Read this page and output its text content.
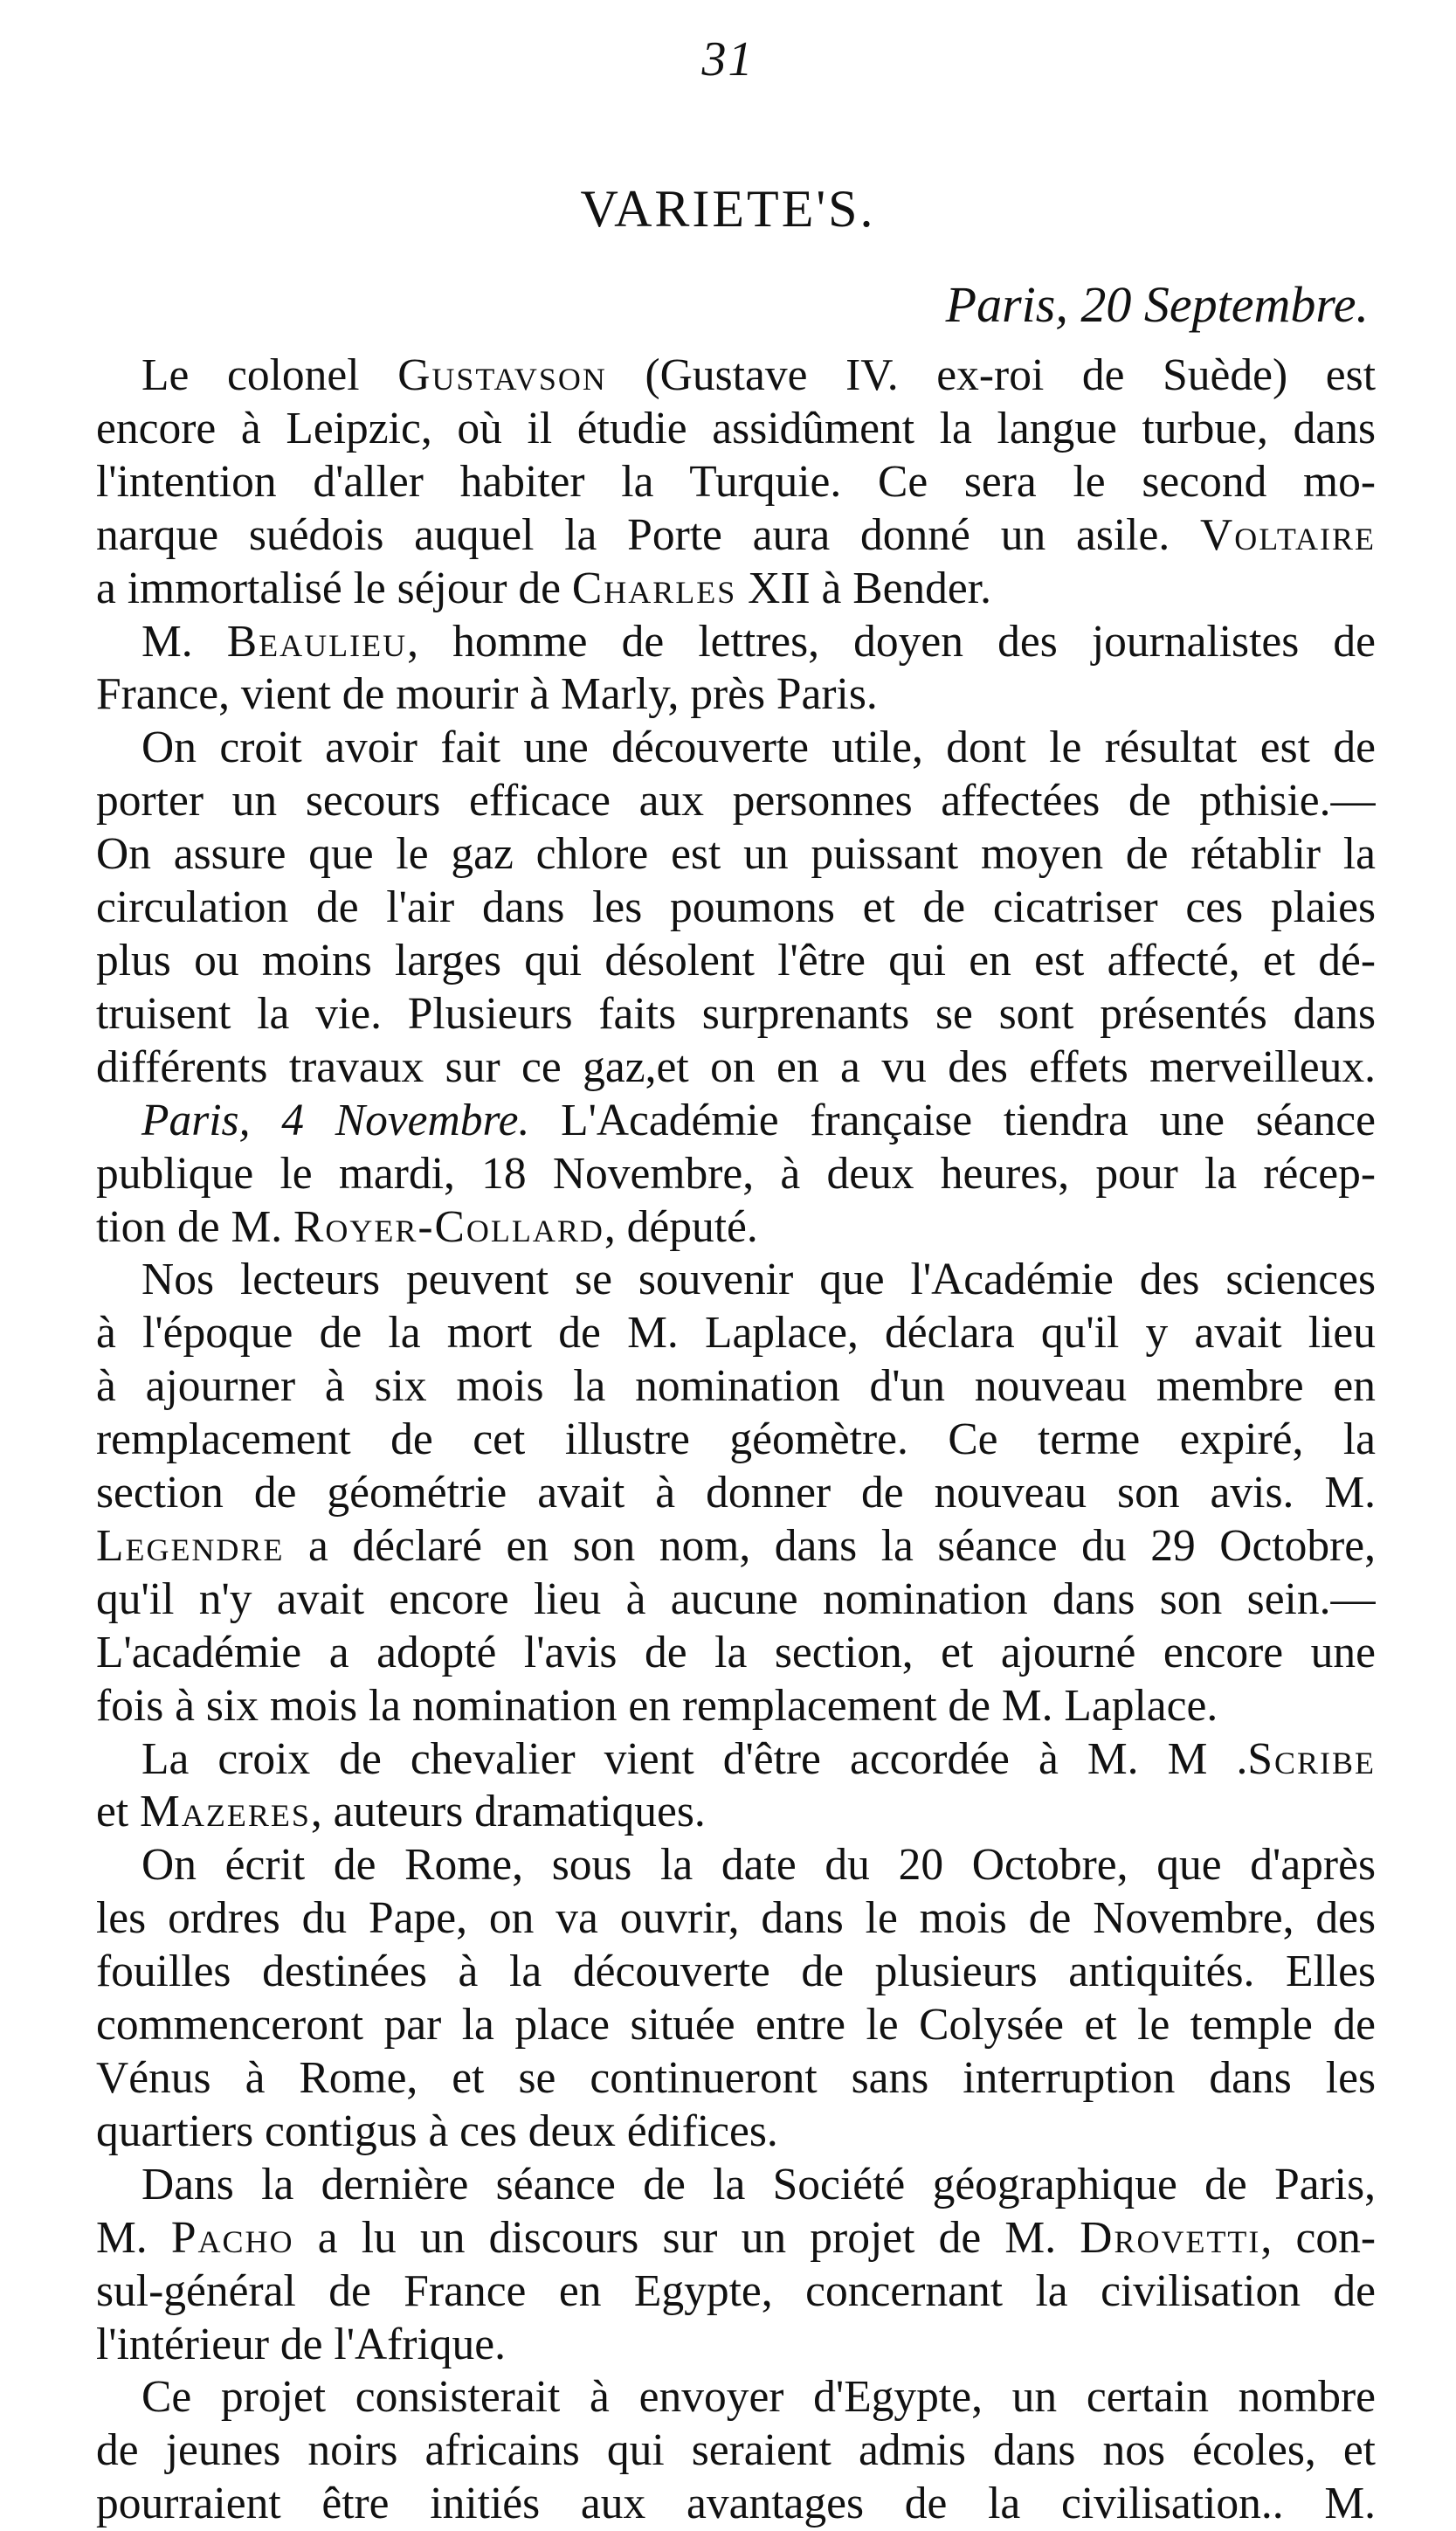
31
VARIETE'S.
Paris, 20 Septembre.
Le colonel Gustavson (Gustave IV. ex-roi de Suède) est
encore à Leipzic, où il étudie assidûment la langue turbue, dans
l'intention d'aller habiter la Turquie. Ce sera le second mo-
narque suédois auquel la Porte aura donné un asile. Voltaire
a immortalisé le séjour de Charles XII à Bender.
M. Beaulieu, homme de lettres, doyen des journalistes de
France, vient de mourir à Marly, près Paris.
On croit avoir fait une découverte utile, dont le résultat est de
porter un secours efficace aux personnes affectées de pthisie.—
On assure que le gaz chlore est un puissant moyen de rétablir la
circulation de l'air dans les poumons et de cicatriser ces plaies
plus ou moins larges qui désolent l'être qui en est affecté, et dé-
truisent la vie. Plusieurs faits surprenants se sont présentés dans
différents travaux sur ce gaz,et on en a vu des effets merveilleux.
Paris, 4 Novembre. L'Académie française tiendra une séance
publique le mardi, 18 Novembre, à deux heures, pour la récep-
tion de M. Royer-Collard, député.
Nos lecteurs peuvent se souvenir que l'Académie des sciences
à l'époque de la mort de M. Laplace, déclara qu'il y avait lieu
à ajourner à six mois la nomination d'un nouveau membre en
remplacement de cet illustre géomètre. Ce terme expiré, la
section de géométrie avait à donner de nouveau son avis. M.
Legendre a déclaré en son nom, dans la séance du 29 Octobre,
qu'il n'y avait encore lieu à aucune nomination dans son sein.—
L'académie a adopté l'avis de la section, et ajourné encore une
fois à six mois la nomination en remplacement de M. Laplace.
La croix de chevalier vient d'être accordée à M. M .Scribe
et Mazeres, auteurs dramatiques.
On écrit de Rome, sous la date du 20 Octobre, que d'après
les ordres du Pape, on va ouvrir, dans le mois de Novembre, des
fouilles destinées à la découverte de plusieurs antiquités. Elles
commenceront par la place située entre le Colysée et le temple de
Vénus à Rome, et se continueront sans interruption dans les
quartiers contigus à ces deux édifices.
Dans la dernière séance de la Société géographique de Paris,
M. Pacho a lu un discours sur un projet de M. Drovetti, con-
sul-général de France en Egypte, concernant la civilisation de
l'intérieur de l'Afrique.
Ce projet consisterait à envoyer d'Egypte, un certain nombre
de jeunes noirs africains qui seraient admis dans nos écoles, et
pourraient être initiés aux avantages de la civilisation.. M.
